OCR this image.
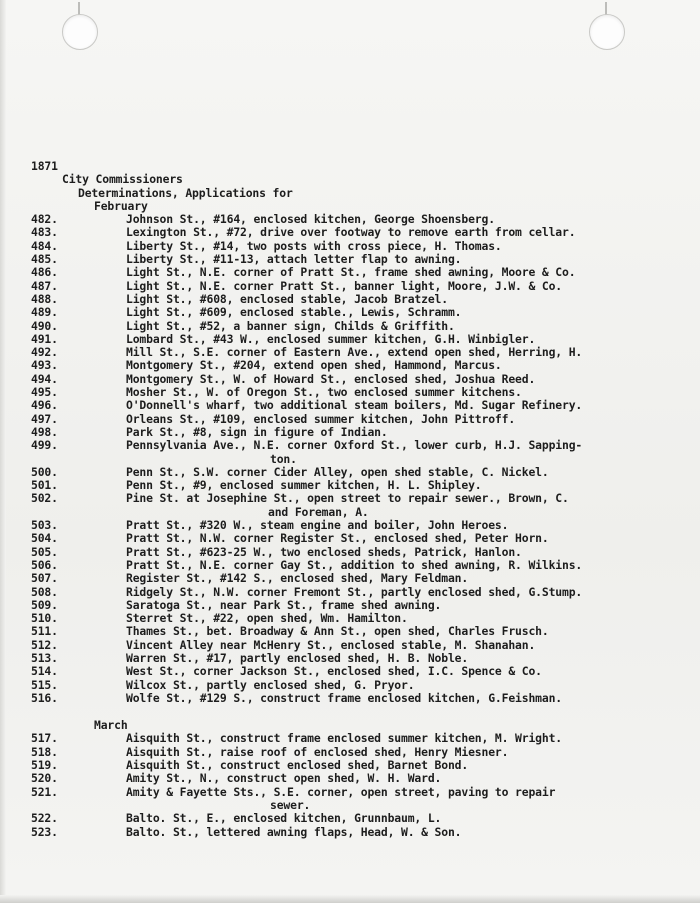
1871
City Commissioners
Determinations, Applications for
February
482.	Johnson St., #164, enclosed kitchen, George Shoensberg.
483.	Lexington St., #72, drive over footway to remove earth from cellar.
484.	Liberty St., #14, two posts with cross piece, H. Thomas.
485.	Liberty St., #11-13, attach letter flap to awning.
486.	Light St., N.E. corner of Pratt St., frame shed awning, Moore & Co.
487.	Light St., N.E. corner Pratt St., banner light, Moore, J.W. & Co.
488.	Light St., #608, enclosed stable, Jacob Bratzel.
489.	Light St., #609, enclosed stable., Lewis, Schramm.
490.	Light St., #52, a banner sign, Childs & Griffith.
491.	Lombard St., #43 W., enclosed summer kitchen, G.H. Winbigler.
492.	Mill St., S.E. corner of Eastern Ave., extend open shed, Herring, H.
493.	Montgomery St., #204, extend open shed, Hammond, Marcus.
494.	Montgomery St., W. of Howard St., enclosed shed, Joshua Reed.
495.	Mosher St., W. of Oregon St., two enclosed summer kitchens.
496.	O'Donnell's wharf, two additional steam boilers, Md. Sugar Refinery.
497.	Orleans St., #109, enclosed summer kitchen, John Pittroff.
498.	Park St., #8, sign in figure of Indian.
499.	Pennsylvania Ave., N.E. corner Oxford St., lower curb, H.J. Sapping-
ton.
500.	Penn St., S.W. corner Cider Alley, open shed stable, C. Nickel.
501.	Penn St., #9, enclosed summer kitchen, H. L. Shipley.
502.	Pine St. at Josephine St., open street to repair sewer., Brown, C.
and Foreman, A.
503.	Pratt St., #320 W., steam engine and boiler, John Heroes.
504.	Pratt St., N.W. corner Register St., enclosed shed, Peter Horn.
505.	Pratt St., #623-25 W., two enclosed sheds, Patrick, Hanlon.
506.	Pratt St., N.E. corner Gay St., addition to shed awning, R. Wilkins.
507.	Register St., #142 S., enclosed shed, Mary Feldman.
508.	Ridgely St., N.W. corner Fremont St., partly enclosed shed, G.Stump.
509.	Saratoga St., near Park St., frame shed awning.
510.	Sterret St., #22, open shed, Wm. Hamilton.
511.	Thames St., bet. Broadway & Ann St., open shed, Charles Frusch.
512.	Vincent Alley near McHenry St., enclosed stable, M. Shanahan.
513.	Warren St., #17, partly enclosed shed, H. B. Noble.
514.	West St., corner Jackson St., enclosed shed, I.C. Spence & Co.
515.	Wilcox St., partly enclosed shed, G. Pryor.
516.	Wolfe St., #129 S., construct frame enclosed kitchen, G.Feishman.
March
517.	Aisquith St., construct frame enclosed summer kitchen, M. Wright.
518.	Aisquith St., raise roof of enclosed shed, Henry Miesner.
519.	Aisquith St., construct enclosed shed, Barnet Bond.
520.	Amity St., N., construct open shed, W. H. Ward.
521.	Amity & Fayette Sts., S.E. corner, open street, paving to repair
sewer.
522.	Balto. St., E., enclosed kitchen, Grunnbaum, L.
523.	Balto. St., lettered awning flaps, Head, W. & Son.
